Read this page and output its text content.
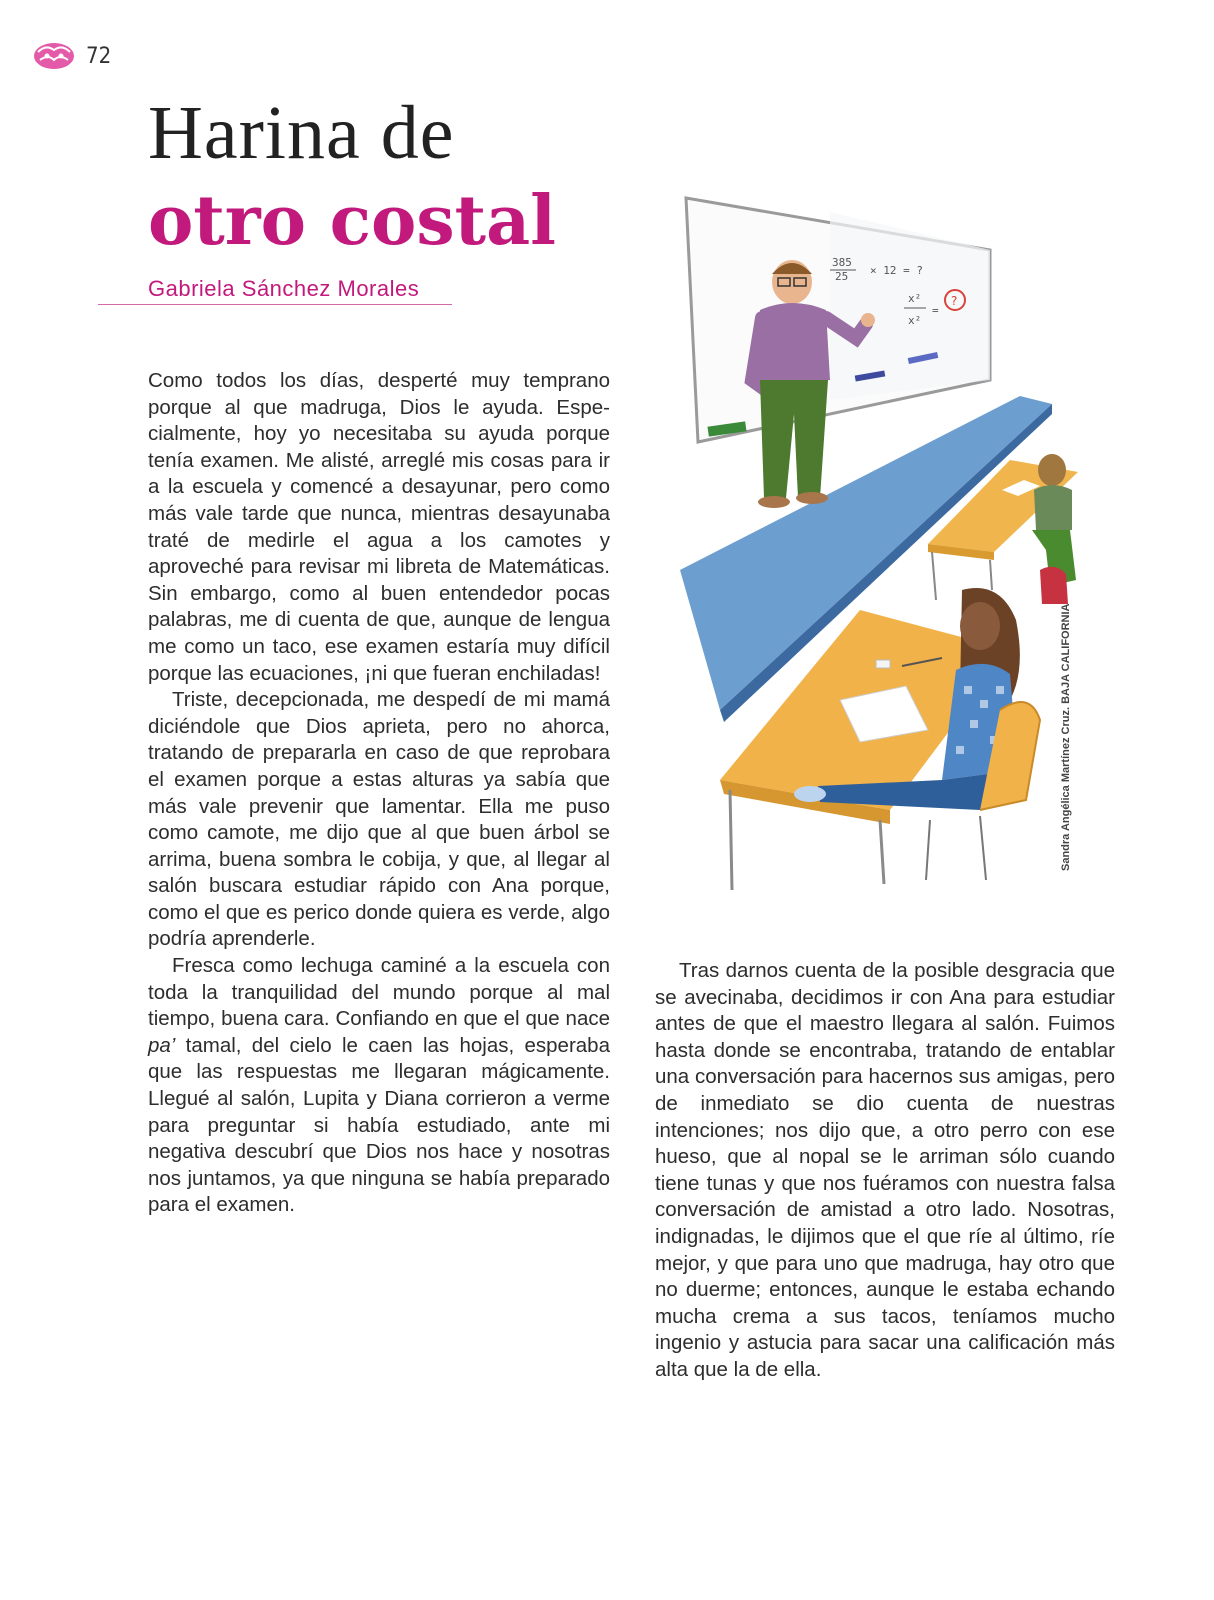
72
Harina de
otro costal
Gabriela Sánchez Morales

Como todos los días, desperté muy temprano porque al que madruga, Dios le ayuda. Especialmente, hoy yo necesitaba su ayuda porque tenía examen. Me alisté, arreglé mis cosas para ir a la escuela y comencé a desayunar, pero como más vale tarde que nunca, mientras desayunaba traté de medirle el agua a los camotes y aproveché para revisar mi libreta de Matemáticas. Sin embargo, como al buen entendedor pocas palabras, me di cuenta de que, aunque de lengua me como un taco, ese examen estaría muy difícil porque las ecuaciones, ¡ni que fueran enchiladas!

Triste, decepcionada, me despedí de mi mamá diciéndole que Dios aprieta, pero no ahorca, tratando de prepararla en caso de que reprobara el examen porque a estas alturas ya sabía que más vale prevenir que lamentar. Ella me puso como camote, me dijo que al que buen árbol se arrima, buena sombra le cobija, y que, al llegar al salón buscara estudiar rápido con Ana porque, como el que es perico donde quiera es verde, algo podría aprenderle.

Fresca como lechuga caminé a la escuela con toda la tranquilidad del mundo porque al mal tiempo, buena cara. Confiando en que el que nace pa’ tamal, del cielo le caen las hojas, esperaba que las respuestas me llegaran mágicamente. Llegué al salón, Lupita y Diana corrieron a verme para preguntar si había estudiado, ante mi negativa descubrí que Dios nos hace y nosotras nos juntamos, ya que ninguna se había preparado para el examen.

385
25 × 12 = ?
x²
x²
=
?
Sandra Angélica Martínez Cruz. BAJA CALIFORNIA

Tras darnos cuenta de la posible desgracia que se avecinaba, decidimos ir con Ana para estudiar antes de que el maestro llegara al salón. Fuimos hasta donde se encontraba, tratando de entablar una conversación para hacernos sus amigas, pero de inmediato se dio cuenta de nuestras intenciones; nos dijo que, a otro perro con ese hueso, que al nopal se le arriman sólo cuando tiene tunas y que nos fuéramos con nuestra falsa conversación de amistad a otro lado. Nosotras, indignadas, le dijimos que el que ríe al último, ríe mejor, y que para uno que madruga, hay otro que no duerme; entonces, aunque le estaba echando mucha crema a sus tacos, teníamos mucho ingenio y astucia para sacar una calificación más alta que la de ella.
